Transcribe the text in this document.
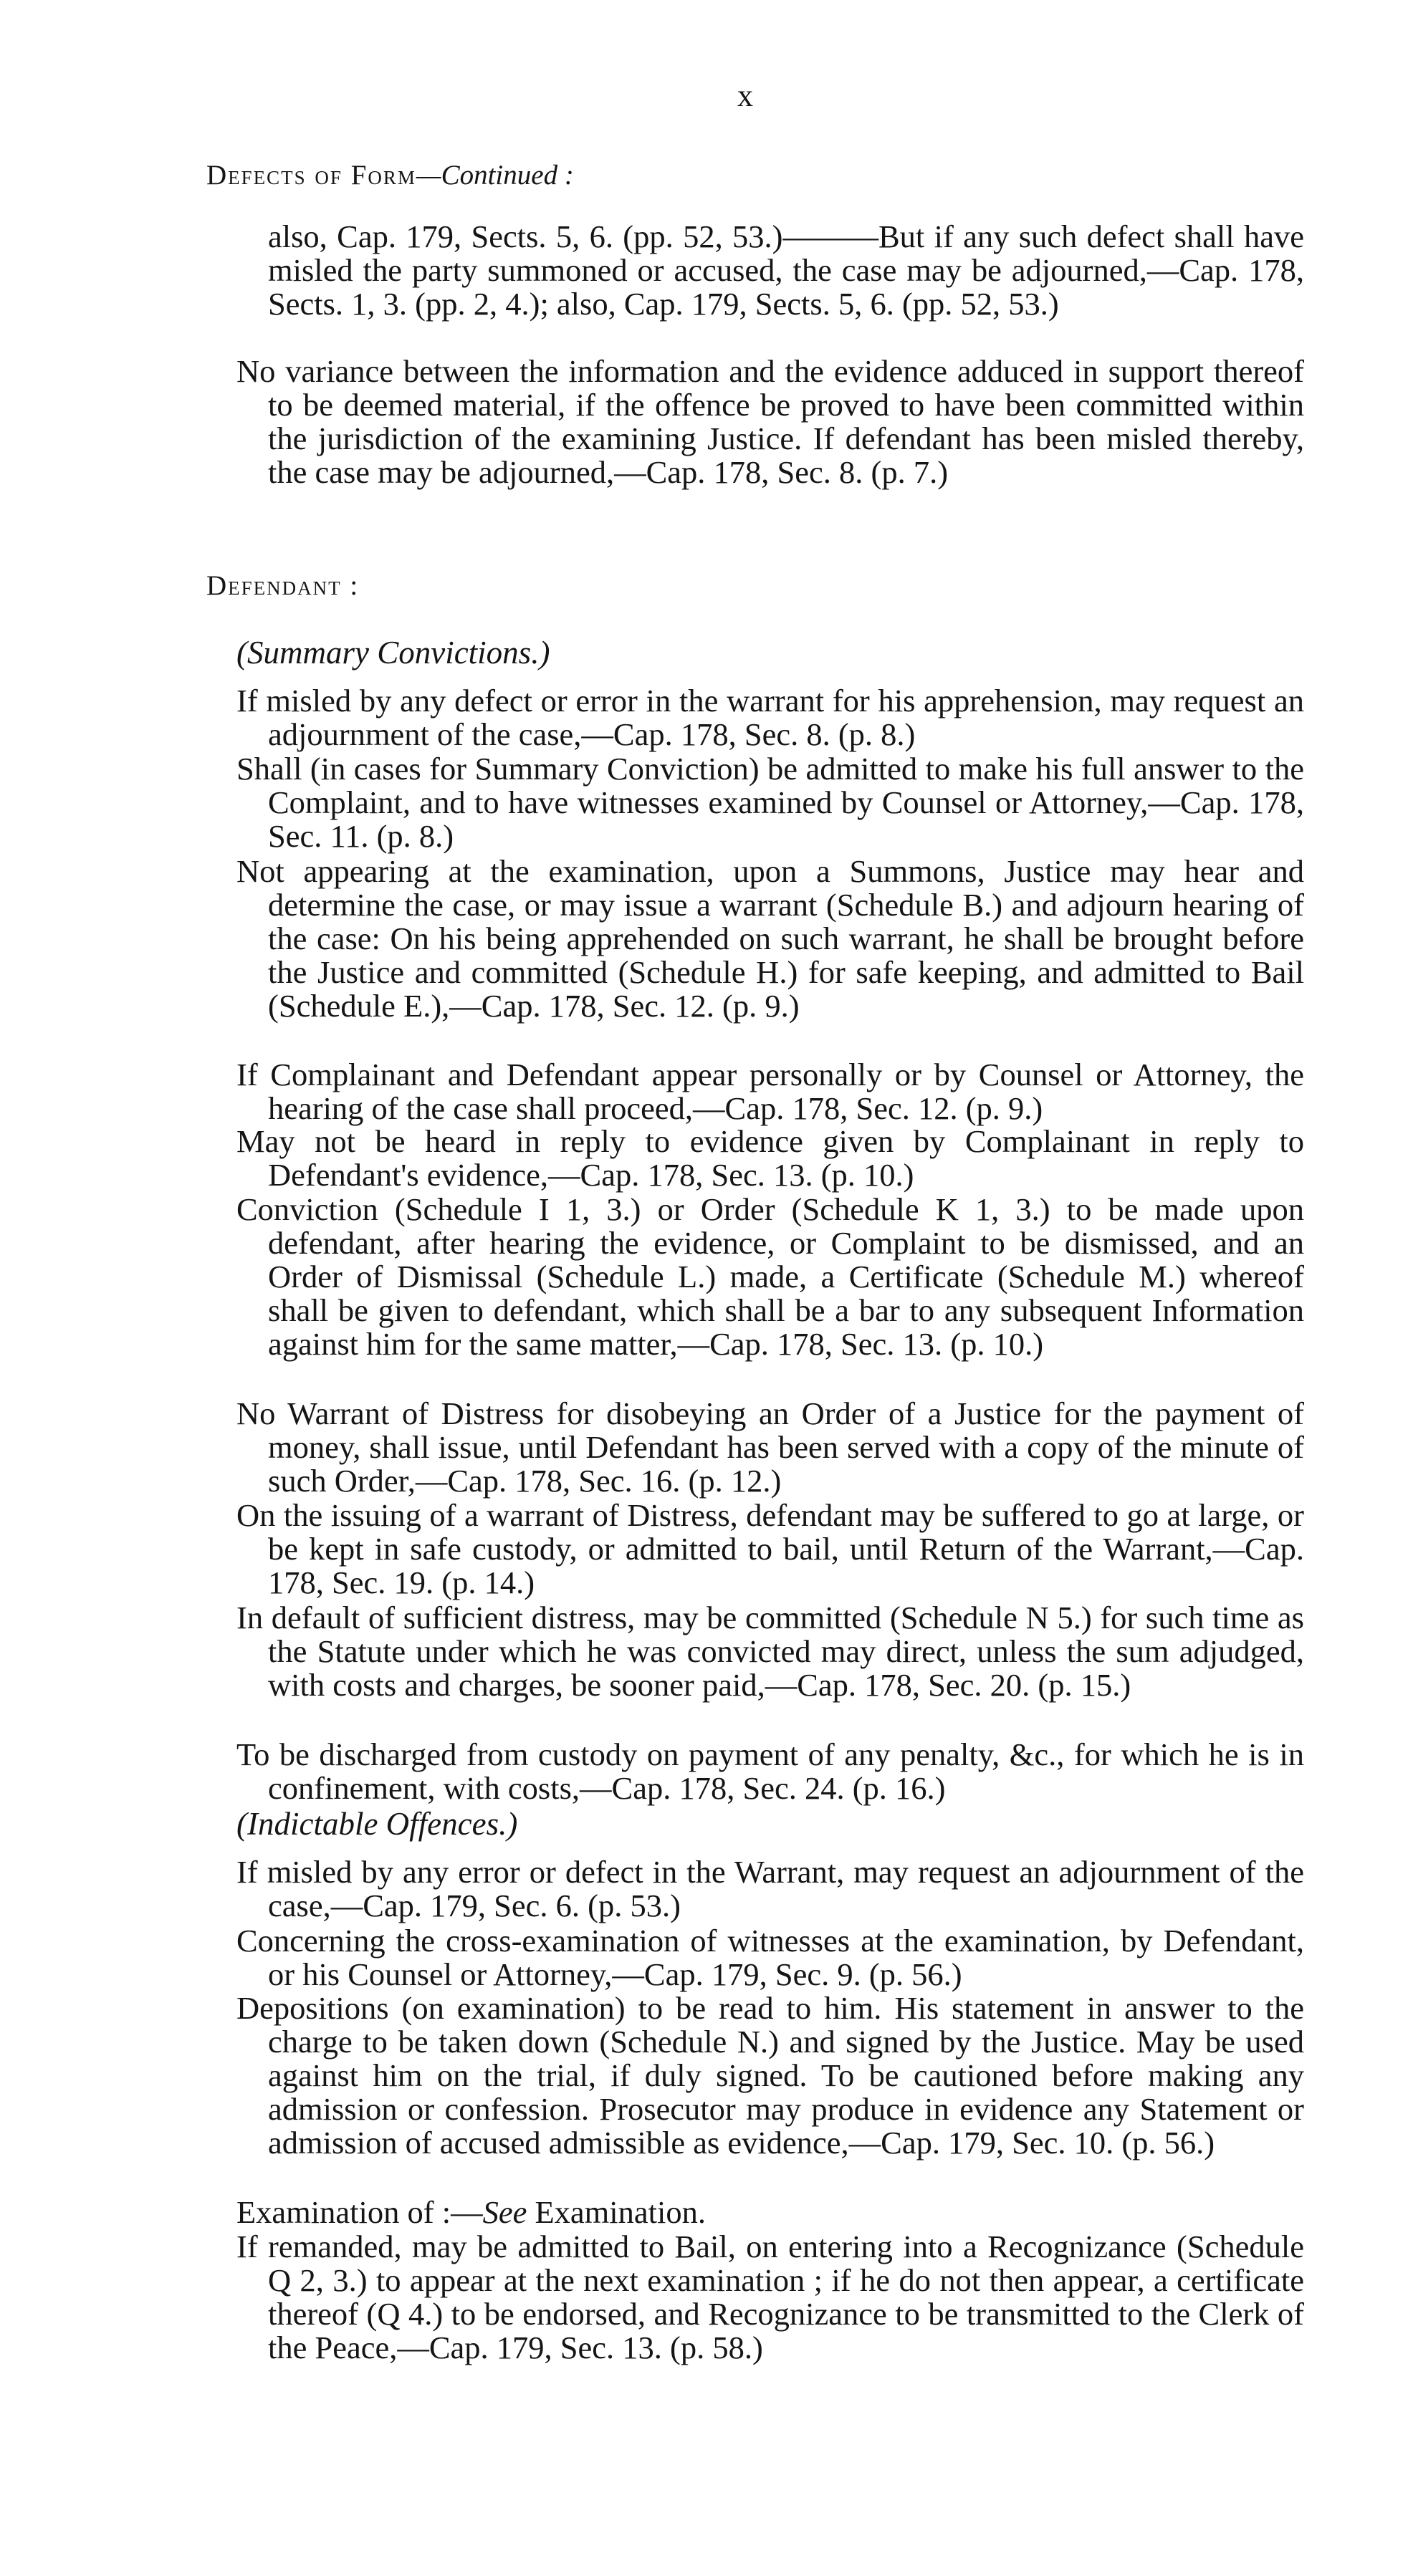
x
Defects of Form—Continued :
also, Cap. 179, Sects. 5, 6. (pp. 52, 53.)———But if any such defect shall have misled the party summoned or accused, the case may be adjourned,—Cap. 178, Sects. 1, 3. (pp. 2, 4.); also, Cap. 179, Sects. 5, 6. (pp. 52, 53.)
No variance between the information and the evidence adduced in support thereof to be deemed material, if the offence be proved to have been committed within the jurisdiction of the examining Justice. If defendant has been misled thereby, the case may be adjourned,—Cap. 178, Sec. 8. (p. 7.)
Defendant :
(Summary Convictions.)
If misled by any defect or error in the warrant for his apprehension, may request an adjournment of the case,—Cap. 178, Sec. 8. (p. 8.)
Shall (in cases for Summary Conviction) be admitted to make his full answer to the Complaint, and to have witnesses examined by Counsel or Attorney,—Cap. 178, Sec. 11. (p. 8.)
Not appearing at the examination, upon a Summons, Justice may hear and determine the case, or may issue a warrant (Schedule B.) and adjourn hearing of the case: On his being apprehended on such warrant, he shall be brought before the Justice and committed (Schedule H.) for safe keeping, and admitted to Bail (Schedule E.),—Cap. 178, Sec. 12. (p. 9.)
If Complainant and Defendant appear personally or by Counsel or Attorney, the hearing of the case shall proceed,—Cap. 178, Sec. 12. (p. 9.)
May not be heard in reply to evidence given by Complainant in reply to Defendant's evidence,—Cap. 178, Sec. 13. (p. 10.)
Conviction (Schedule I 1, 3.) or Order (Schedule K 1, 3.) to be made upon defendant, after hearing the evidence, or Complaint to be dismissed, and an Order of Dismissal (Schedule L.) made, a Certificate (Schedule M.) whereof shall be given to defendant, which shall be a bar to any subsequent Information against him for the same matter,—Cap. 178, Sec. 13. (p. 10.)
No Warrant of Distress for disobeying an Order of a Justice for the payment of money, shall issue, until Defendant has been served with a copy of the minute of such Order,—Cap. 178, Sec. 16. (p. 12.)
On the issuing of a warrant of Distress, defendant may be suffered to go at large, or be kept in safe custody, or admitted to bail, until Return of the Warrant,—Cap. 178, Sec. 19. (p. 14.)
In default of sufficient distress, may be committed (Schedule N 5.) for such time as the Statute under which he was convicted may direct, unless the sum adjudged, with costs and charges, be sooner paid,—Cap. 178, Sec. 20. (p. 15.)
To be discharged from custody on payment of any penalty, &c., for which he is in confinement, with costs,—Cap. 178, Sec. 24. (p. 16.)
(Indictable Offences.)
If misled by any error or defect in the Warrant, may request an adjournment of the case,—Cap. 179, Sec. 6. (p. 53.)
Concerning the cross-examination of witnesses at the examination, by Defendant, or his Counsel or Attorney,—Cap. 179, Sec. 9. (p. 56.)
Depositions (on examination) to be read to him. His statement in answer to the charge to be taken down (Schedule N.) and signed by the Justice. May be used against him on the trial, if duly signed. To be cautioned before making any admission or confession. Prosecutor may produce in evidence any Statement or admission of accused admissible as evidence,—Cap. 179, Sec. 10. (p. 56.)
Examination of :—See Examination.
If remanded, may be admitted to Bail, on entering into a Recognizance (Schedule Q 2, 3.) to appear at the next examination ; if he do not then appear, a certificate thereof (Q 4.) to be endorsed, and Recognizance to be transmitted to the Clerk of the Peace,—Cap. 179, Sec. 13. (p. 58.)
